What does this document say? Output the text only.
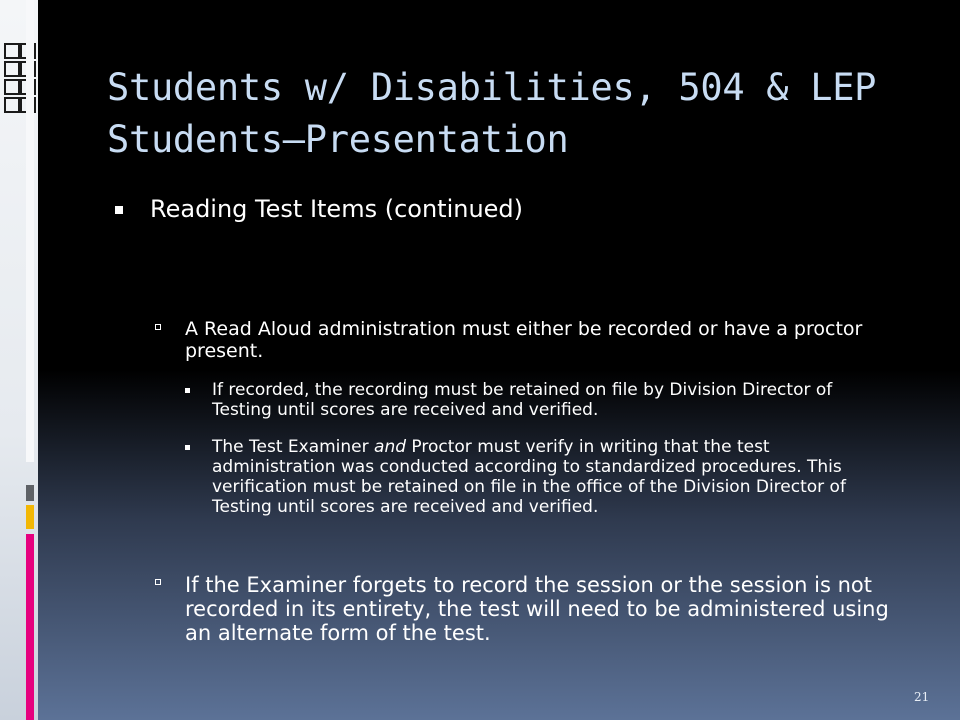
Students w/ Disabilities, 504 & LEP Students—Presentation
Reading Test Items (continued)
A Read Aloud administration must either be recorded or have a proctor present.
If recorded, the recording must be retained on file by Division Director of Testing until scores are received and verified.
The Test Examiner and Proctor must verify in writing that the test administration was conducted according to standardized procedures. This verification must be retained on file in the office of the Division Director of Testing until scores are received and verified.
If the Examiner forgets to record the session or the session is not recorded in its entirety, the test will need to be administered using an alternate form of the test.
21
